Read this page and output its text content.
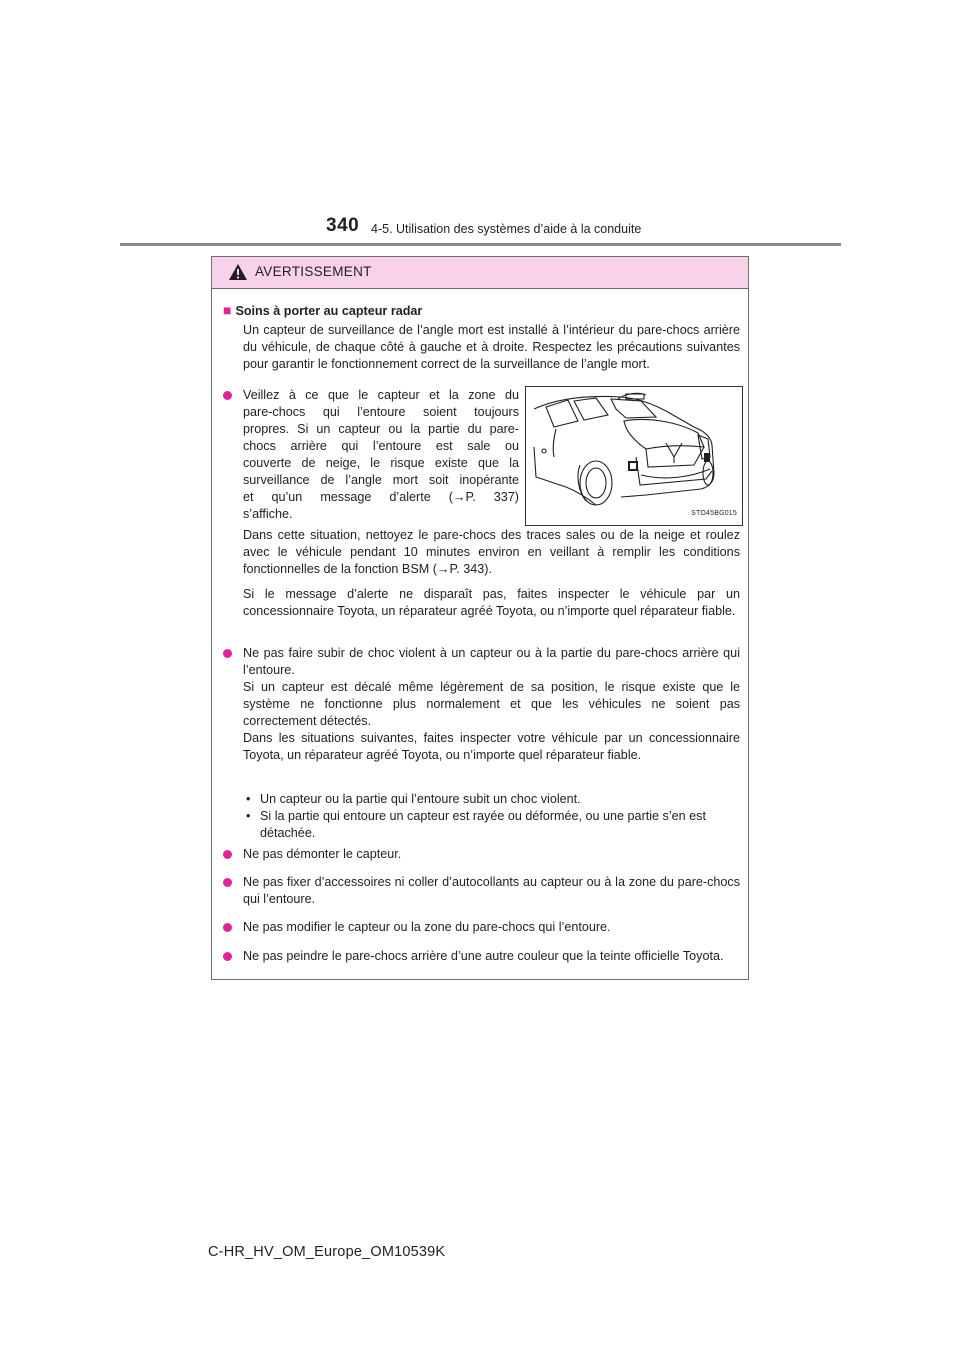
340 4-5. Utilisation des systèmes d’aide à la conduite
AVERTISSEMENT
■ Soins à porter au capteur radar
Un capteur de surveillance de l’angle mort est installé à l’intérieur du pare-chocs arrière du véhicule, de chaque côté à gauche et à droite. Respectez les précautions suivantes pour garantir le fonctionnement correct de la surveillance de l’angle mort.
Veillez à ce que le capteur et la zone du
pare-chocs qui l’entoure soient toujours
propres. Si un capteur ou la partie du pare-
chocs arrière qui l’entoure est sale ou
couverte de neige, le risque existe que la
surveillance de l’angle mort soit inopérante
et qu’un message d’alerte (→P. 337)
s’affiche.	STO45BG015
Dans cette situation, nettoyez le pare-chocs des traces sales ou de la neige et roulez avec le véhicule pendant 10 minutes environ en veillant à remplir les conditions fonctionnelles de la fonction BSM (→P. 343).
Si le message d’alerte ne disparaît pas, faites inspecter le véhicule par un concessionnaire Toyota, un réparateur agréé Toyota, ou n’importe quel réparateur fiable.
Ne pas faire subir de choc violent à un capteur ou à la partie du pare-chocs arrière qui l’entoure.
Si un capteur est décalé même légèrement de sa position, le risque existe que le système ne fonctionne plus normalement et que les véhicules ne soient pas correctement détectés.
Dans les situations suivantes, faites inspecter votre véhicule par un concessionnaire Toyota, un réparateur agréé Toyota, ou n’importe quel réparateur fiable.
• Un capteur ou la partie qui l’entoure subit un choc violent.
• Si la partie qui entoure un capteur est rayée ou déformée, ou une partie s’en est détachée.
Ne pas démonter le capteur.
Ne pas fixer d’accessoires ni coller d’autocollants au capteur ou à la zone du pare-chocs qui l’entoure.
Ne pas modifier le capteur ou la zone du pare-chocs qui l’entoure.
Ne pas peindre le pare-chocs arrière d’une autre couleur que la teinte officielle Toyota.
C-HR_HV_OM_Europe_OM10539K
